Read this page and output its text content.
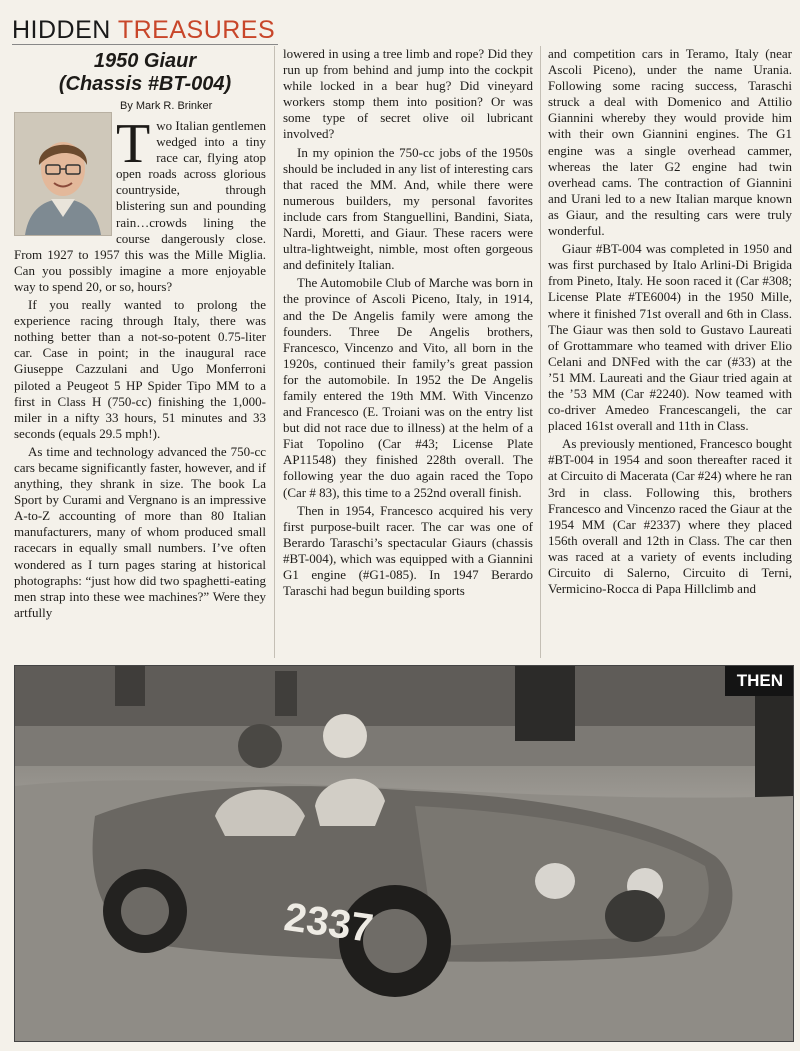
HIDDEN TREASURES
1950 Giaur
(Chassis #BT-004)
By Mark R. Brinker

T wo Italian gentlemen wedged into a tiny race car, flying atop open roads across glorious countryside, through blistering sun and pounding rain…crowds lining the course dangerously close. From 1927 to 1957 this was the Mille Miglia. Can you possibly imagine a more enjoyable way to spend 20, or so, hours?

If you really wanted to prolong the experience racing through Italy, there was nothing better than a not-so-potent 0.75-liter car. Case in point; in the inaugural race Giuseppe Cazzulani and Ugo Monferroni piloted a Peugeot 5 HP Spider Tipo MM to a first in Class H (750-cc) finishing the 1,000-miler in a nifty 33 hours, 51 minutes and 33 seconds (equals 29.5 mph!).

As time and technology advanced the 750-cc cars became significantly faster, however, and if anything, they shrank in size. The book La Sport by Curami and Vergnano is an impressive A-to-Z accounting of more than 80 Italian manufacturers, many of whom produced small racecars in equally small numbers. I’ve often wondered as I turn pages staring at historical photographs: “just how did two spaghetti-eating men strap into these wee machines?” Were they artfully

lowered in using a tree limb and rope? Did they run up from behind and jump into the cockpit while locked in a bear hug? Did vineyard workers stomp them into position? Or was some type of secret olive oil lubricant involved?

In my opinion the 750-cc jobs of the 1950s should be included in any list of interesting cars that raced the MM. And, while there were numerous builders, my personal favorites include cars from Stanguellini, Bandini, Siata, Nardi, Moretti, and Giaur. These racers were ultra-lightweight, nimble, most often gorgeous and definitely Italian.

The Automobile Club of Marche was born in the province of Ascoli Piceno, Italy, in 1914, and the De Angelis family were among the founders. Three De Angelis brothers, Francesco, Vincenzo and Vito, all born in the 1920s, continued their family’s great passion for the automobile. In 1952 the De Angelis family entered the 19th MM. With Vincenzo and Francesco (E. Troiani was on the entry list but did not race due to illness) at the helm of a Fiat Topolino (Car #43; License Plate AP11548) they finished 228th overall. The following year the duo again raced the Topo (Car # 83), this time to a 252nd overall finish.

Then in 1954, Francesco acquired his very first purpose-built racer. The car was one of Berardo Taraschi’s spectacular Giaurs (chassis #BT-004), which was equipped with a Giannini G1 engine (#G1-085). In 1947 Berardo Taraschi had begun building sports

and competition cars in Teramo, Italy (near Ascoli Piceno), under the name Urania. Following some racing success, Taraschi struck a deal with Domenico and Attilio Giannini whereby they would provide him with their own Giannini engines. The G1 engine was a single overhead cammer, whereas the later G2 engine had twin overhead cams. The contraction of Giannini and Urani led to a new Italian marque known as Giaur, and the resulting cars were truly wonderful.

Giaur #BT-004 was completed in 1950 and was first purchased by Italo Arlini-Di Brigida from Pineto, Italy. He soon raced it (Car #308; License Plate #TE6004) in the 1950 Mille, where it finished 71st overall and 6th in Class. The Giaur was then sold to Gustavo Laureati of Grottammare who teamed with driver Elio Celani and DNFed with the car (#33) at the ’51 MM. Laureati and the Giaur tried again at the ’53 MM (Car #2240). Now teamed with co-driver Amedeo Francescangeli, the car placed 161st overall and 11th in Class.

As previously mentioned, Francesco bought #BT-004 in 1954 and soon thereafter raced it at Circuito di Macerata (Car #24) where he ran 3rd in class. Following this, brothers Francesco and Vincenzo raced the Giaur at the 1954 MM (Car #2337) where they placed 156th overall and 12th in Class. The car then was raced at a variety of events including Circuito di Salerno, Circuito di Terni, Vermicino-Rocca di Papa Hillclimb and

2337
THEN
